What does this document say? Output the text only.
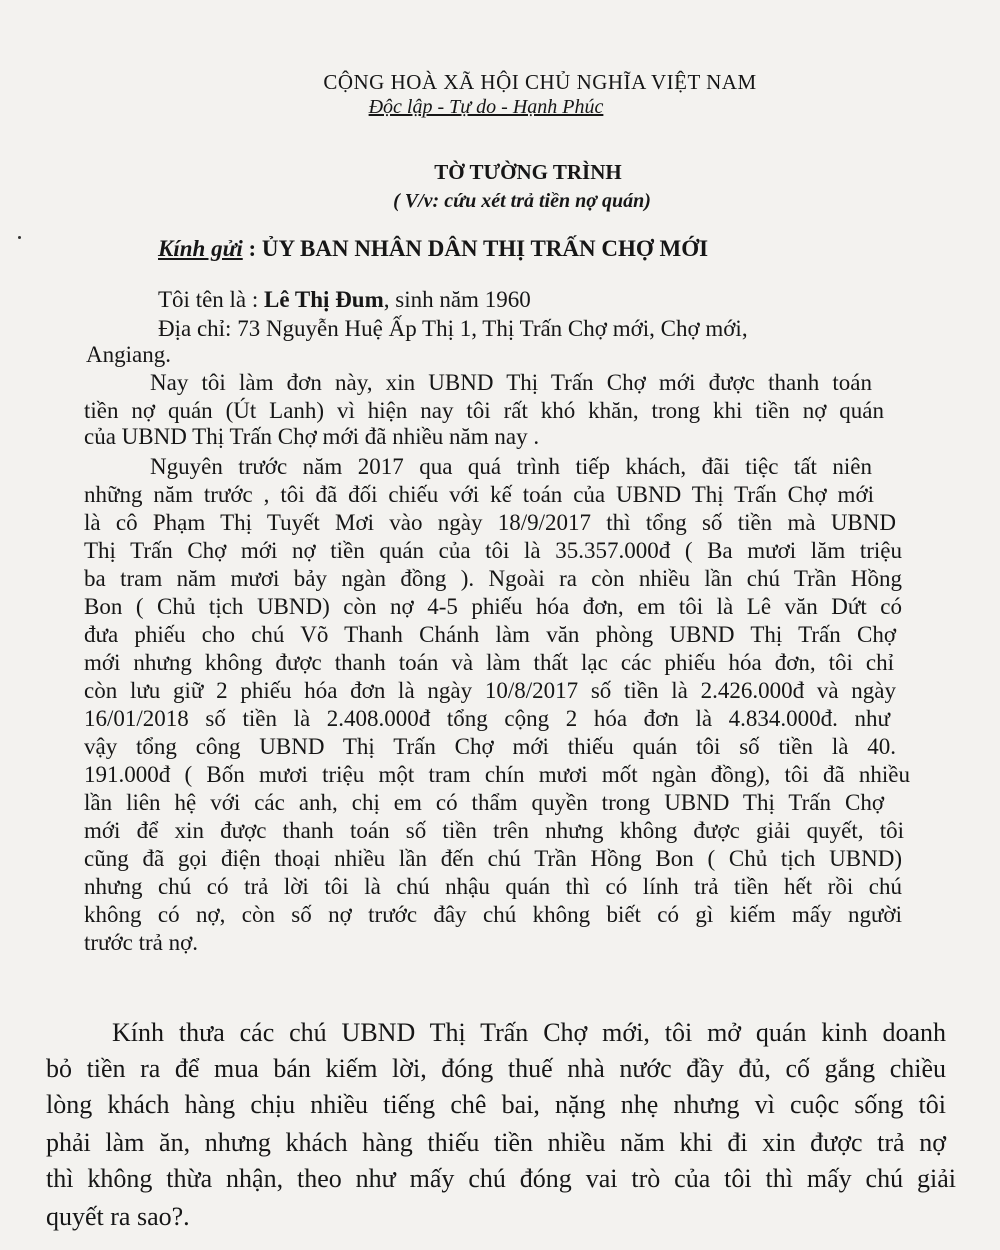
CỘNG HOÀ XÃ HỘI CHỦ NGHĨA VIỆT NAM
Độc lập - Tự do - Hạnh Phúc
TỜ TƯỜNG TRÌNH
( V/v: cứu xét trả tiền nợ quán)
Kính gửi : ỦY BAN NHÂN DÂN THỊ TRẤN CHỢ MỚI
Tôi tên là : Lê Thị Đum, sinh năm 1960
Địa chỉ: 73 Nguyễn Huệ Ấp Thị 1, Thị Trấn Chợ mới, Chợ mới,
Angiang.
Nay tôi làm đơn này, xin UBND Thị Trấn Chợ mới được thanh toán
tiền nợ quán (Út Lanh) vì hiện nay tôi rất khó khăn, trong khi tiền nợ quán
của UBND Thị Trấn Chợ mới đã nhiều năm nay .
Nguyên trước năm 2017 qua quá trình tiếp khách, đãi tiệc tất niên
những năm trước , tôi đã đối chiếu với kế toán của UBND Thị Trấn Chợ mới
là cô Phạm Thị Tuyết Mơi vào ngày 18/9/2017 thì tổng số tiền mà UBND
Thị Trấn Chợ mới nợ tiền quán của tôi là 35.357.000đ ( Ba mươi lăm triệu
ba tram năm mươi bảy ngàn đồng ). Ngoài ra còn nhiều lần chú Trần Hồng
Bon ( Chủ tịch UBND) còn nợ 4-5 phiếu hóa đơn, em tôi là Lê văn Dứt có
đưa phiếu cho chú Võ Thanh Chánh làm văn phòng UBND Thị Trấn Chợ
mới nhưng không được thanh toán và làm thất lạc các phiếu hóa đơn, tôi chỉ
còn lưu giữ 2 phiếu hóa đơn là ngày 10/8/2017 số tiền là 2.426.000đ và ngày
16/01/2018 số tiền là 2.408.000đ tổng cộng 2 hóa đơn là 4.834.000đ. như
vậy tổng công UBND Thị Trấn Chợ mới thiếu quán tôi số tiền là 40.
191.000đ ( Bốn mươi triệu một tram chín mươi mốt ngàn đồng), tôi đã nhiều
lần liên hệ với các anh, chị em có thẩm quyền trong UBND Thị Trấn Chợ
mới để xin được thanh toán số tiền trên nhưng không được giải quyết, tôi
cũng đã gọi điện thoại nhiều lần đến chú Trần Hồng Bon ( Chủ tịch UBND)
nhưng chú có trả lời tôi là chú nhậu quán thì có lính trả tiền hết rồi chú
không có nợ, còn số nợ trước đây chú không biết có gì kiếm mấy người
trước trả nợ.
Kính thưa các chú UBND Thị Trấn Chợ mới, tôi mở quán kinh doanh
bỏ tiền ra để mua bán kiếm lời, đóng thuế nhà nước đầy đủ, cố gắng chiều
lòng khách hàng chịu nhiều tiếng chê bai, nặng nhẹ nhưng vì cuộc sống tôi
phải làm ăn, nhưng khách hàng thiếu tiền nhiều năm khi đi xin được trả nợ
thì không thừa nhận, theo như mấy chú đóng vai trò của tôi thì mấy chú giải
quyết ra sao?.
